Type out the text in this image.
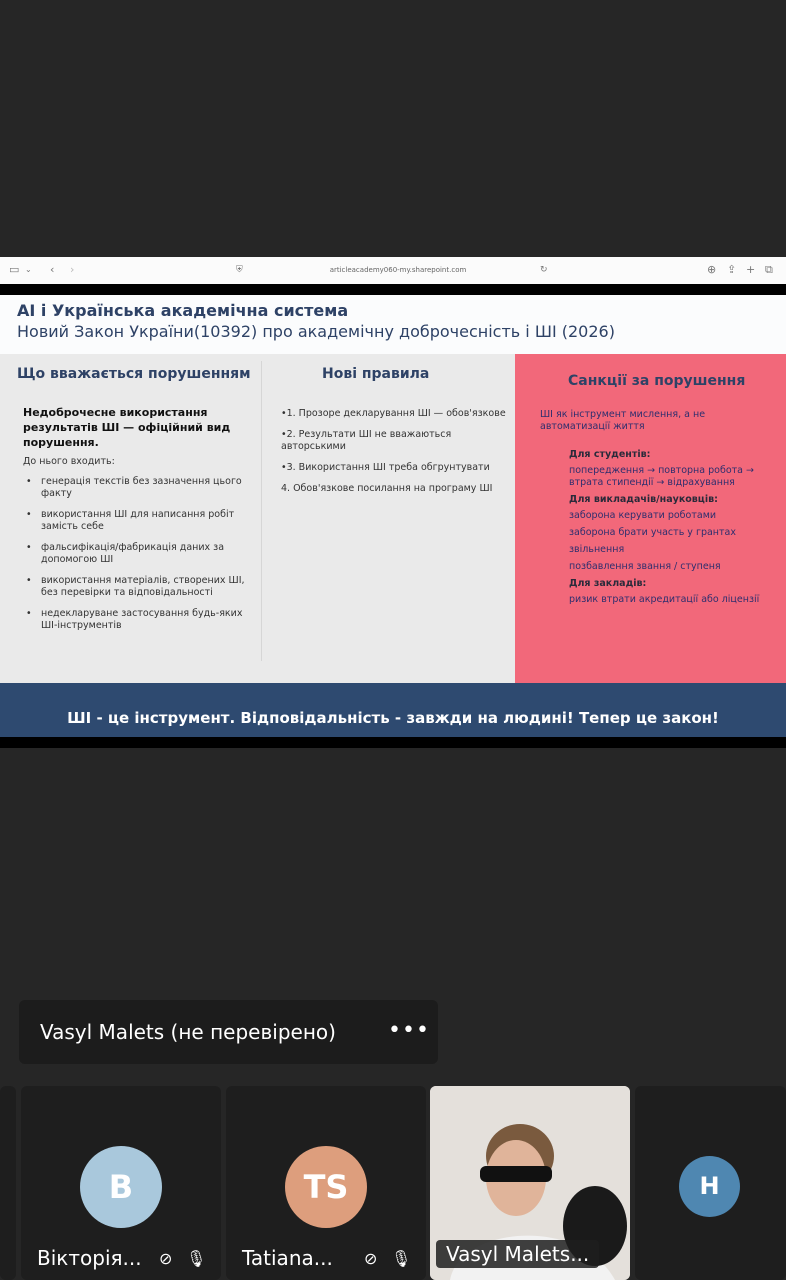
▭ ⌄ ‹ ›	⛨	articleacademy060-my.sharepoint.com	↻	⊕ ⇪ + ⧉
AI і Українська академічна система
Новий Закон України(10392) про академічну доброчесність і ШІ (2026)
Що вважається порушенням
Недоброчесне використання результатів ШІ — офіційний вид порушення.
До нього входить:
• генерація текстів без зазначення цього факту
• використання ШІ для написання робіт замість себе
• фальсифікація/фабрикація даних за допомогою ШІ
• використання матеріалів, створених ШІ, без перевірки та відповідальності
• недекларуване застосування будь-яких ШІ-інструментів
Нові правила
•1. Прозоре декларування ШІ — обов'язкове
•2. Результати ШІ не вважаються авторськими
•3. Використання ШІ треба обгрунтувати
4. Обов'язкове посилання на програму ШІ
Санкції за порушення
ШІ як інструмент мислення, а не автоматизації життя
Для студентів:
попередження → повторна робота → втрата стипендії → відрахування
Для викладачів/науковців:
заборона керувати роботами
заборона брати участь у грантах
звільнення
позбавлення звання / ступеня
Для закладів:
ризик втрати акредитації або ліцензії
ШІ - це інструмент. Відповідальність - завжди на людині! Тепер це закон!
Vasyl Malets (не перевірено) •••
В
Вікторія... ⊘ 🎙︎
TS
Tatiana... ⊘ 🎙︎	Vasyl Malets...
Н
